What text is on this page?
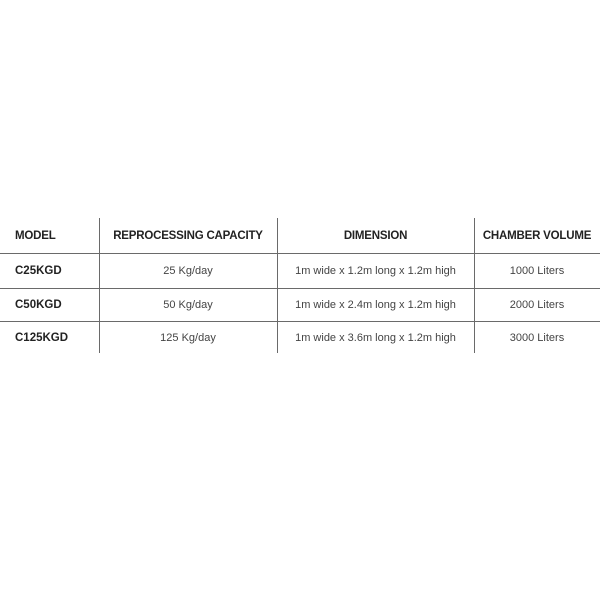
MODEL	REPROCESSING CAPACITY	DIMENSION	CHAMBER VOLUME
C25KGD	25 Kg/day	1m wide x 1.2m long x 1.2m high	1000 Liters
C50KGD	50 Kg/day	1m wide x 2.4m long x 1.2m high	2000 Liters
C125KGD	125 Kg/day	1m wide x 3.6m long x 1.2m high	3000 Liters
